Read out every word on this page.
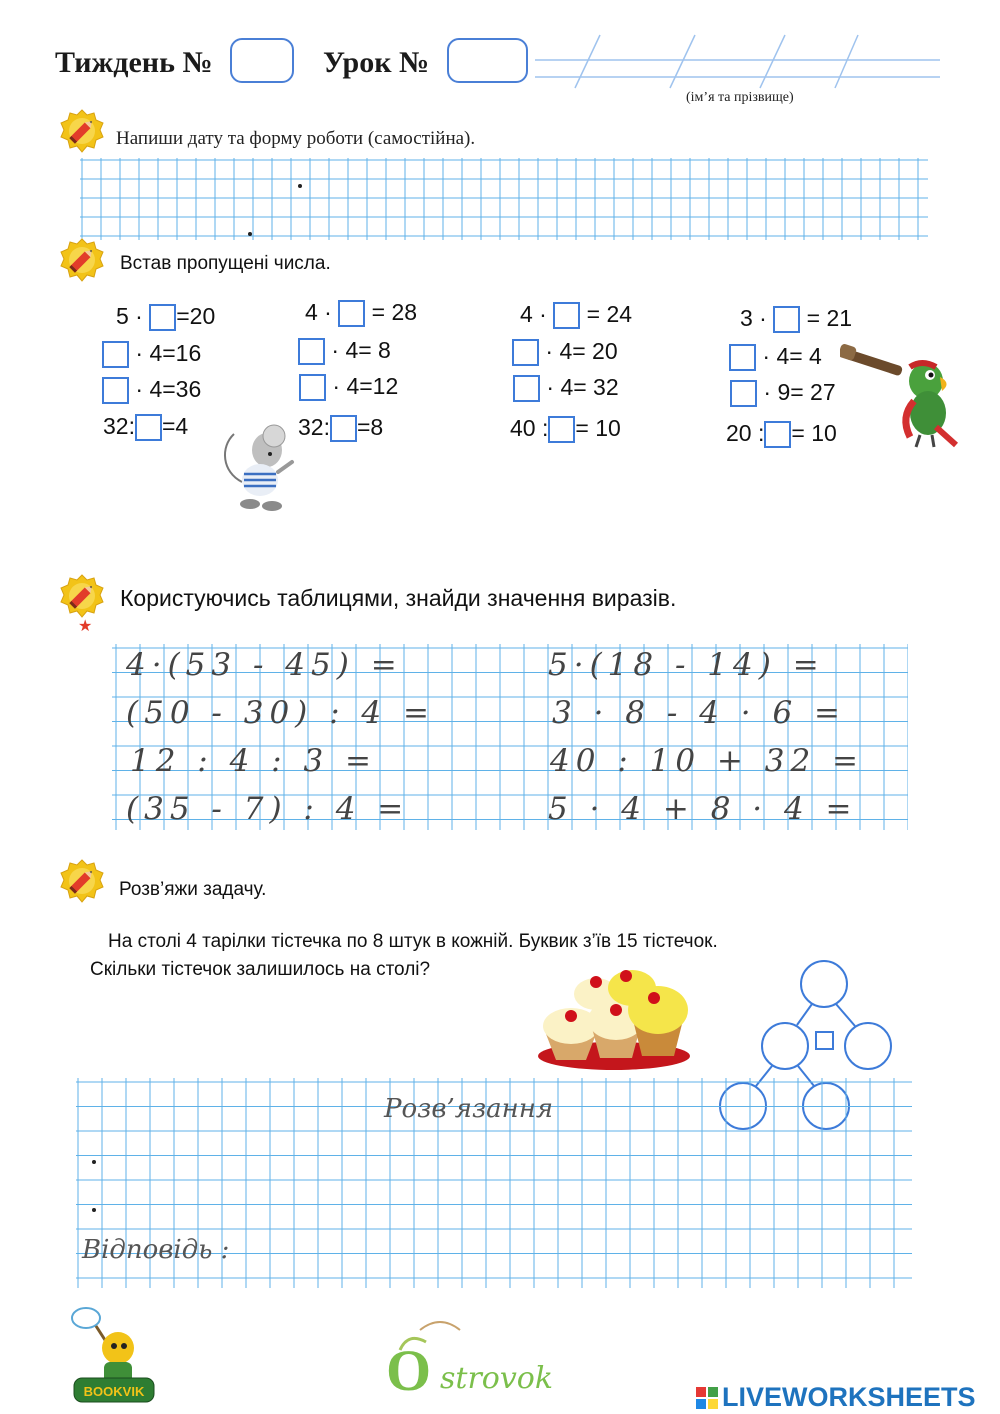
Тиждень №	Урок №
(ім’я та прізвище)
Напиши дату та форму роботи (самостійна).
Встав пропущені числа.
5 · =20
· 4=16
· 4=36
32: =4
4 · = 28
· 4= 8
· 4=12
32: =8
4 · = 24
· 4= 20
· 4= 32
40 : = 10
3 · = 21
· 4= 4
· 9= 27
20 : = 10
★
Користуючись таблицями, знайди значення виразів.
4·(53 - 45) =
(50 - 30) : 4 =
12 : 4 : 3 =
(35 - 7) : 4 =
5·(18 - 14) =
3 · 8 - 4 · 6 =
40 : 10 + 32 =
5 · 4 + 8 · 4 =
Розв’яжи задачу.
На столі 4 тарілки тістечка по 8 штук в кожній. Буквик з’їв 15 тістечок.
Скільки тістечок залишилось на столі?
Розв’язання
Відповідь :
BOOKVIK	O strovok
LIVEWORKSHEETS
